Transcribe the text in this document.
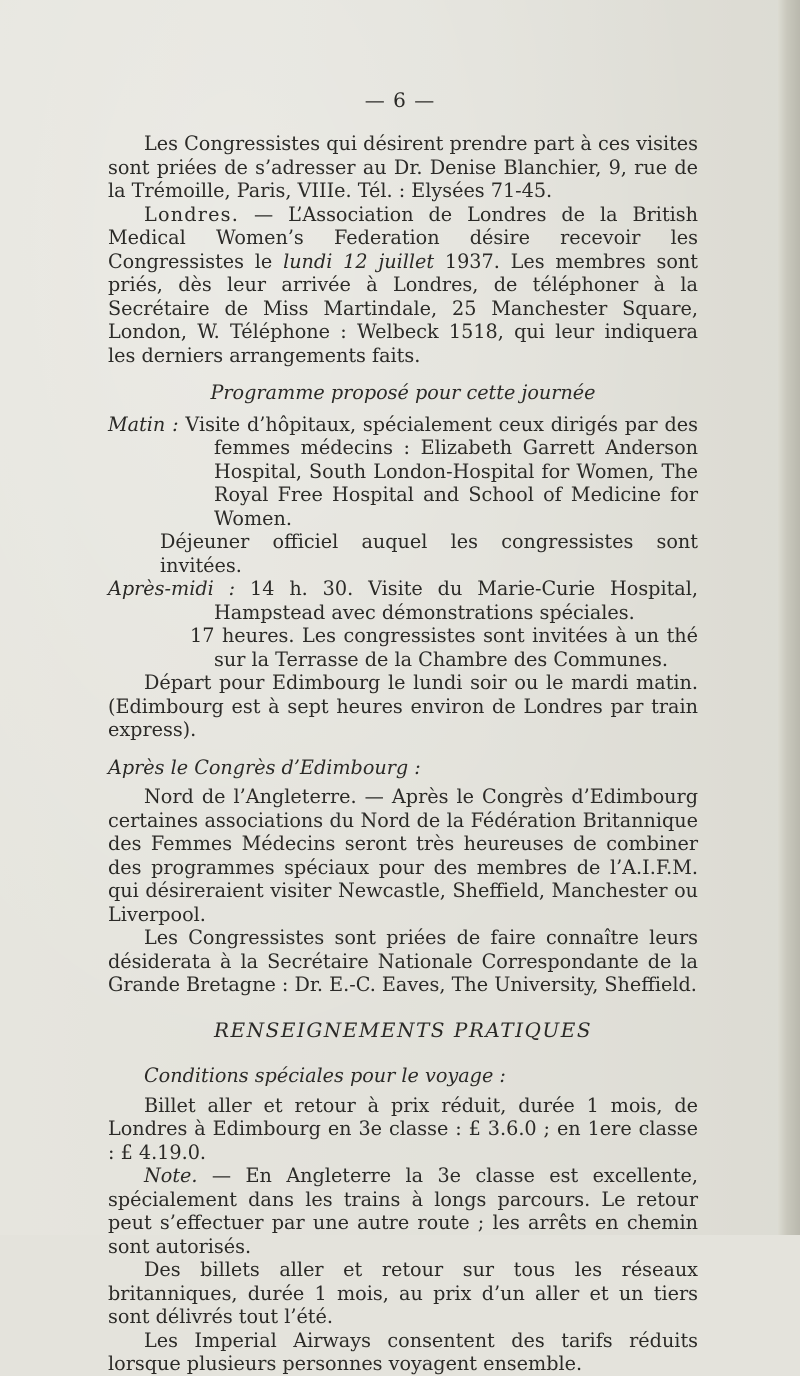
— 6 —

Les Congressistes qui désirent prendre part à ces visites sont priées de s’adresser au Dr. Denise Blanchier, 9, rue de la Trémoille, Paris, VIIIe. Tél. : Elysées 71-45.

Londres. — L’Association de Londres de la British Medical Women’s Federation désire recevoir les Congressistes le lundi 12 juillet 1937. Les membres sont priés, dès leur arrivée à Londres, de téléphoner à la Secrétaire de Miss Martindale, 25 Manchester Square, London, W. Téléphone : Welbeck 1518, qui leur indiquera les derniers arrangements faits.

Programme proposé pour cette journée

Matin : Visite d’hôpitaux, spécialement ceux dirigés par des femmes médecins : Elizabeth Garrett Anderson Hospital, South London-Hospital for Women, The Royal Free Hospital and School of Medicine for Women.

Déjeuner officiel auquel les congressistes sont invitées.

Après-midi : 14 h. 30. Visite du Marie-Curie Hospital, Hampstead avec démonstrations spéciales.

17 heures. Les congressistes sont invitées à un thé sur la Terrasse de la Chambre des Communes.

Départ pour Edimbourg le lundi soir ou le mardi matin. (Edimbourg est à sept heures environ de Londres par train express).

Après le Congrès d’Edimbourg :

Nord de l’Angleterre. — Après le Congrès d’Edimbourg certaines associations du Nord de la Fédération Britannique des Femmes Médecins seront très heureuses de combiner des programmes spéciaux pour des membres de l’A.I.F.M. qui désireraient visiter Newcastle, Sheffield, Manchester ou Liverpool.

Les Congressistes sont priées de faire connaître leurs désiderata à la Secrétaire Nationale Correspondante de la Grande Bretagne : Dr. E.-C. Eaves, The University, Sheffield.

RENSEIGNEMENTS PRATIQUES

Conditions spéciales pour le voyage :

Billet aller et retour à prix réduit, durée 1 mois, de Londres à Edimbourg en 3e classe : £ 3.6.0 ; en 1ere classe : £ 4.19.0.

Note. — En Angleterre la 3e classe est excellente, spécialement dans les trains à longs parcours. Le retour peut s’effectuer par une autre route ; les arrêts en chemin sont autorisés.

Des billets aller et retour sur tous les réseaux britanniques, durée 1 mois, au prix d’un aller et un tiers sont délivrés tout l’été.

Les Imperial Airways consentent des tarifs réduits lorsque plusieurs personnes voyagent ensemble.
